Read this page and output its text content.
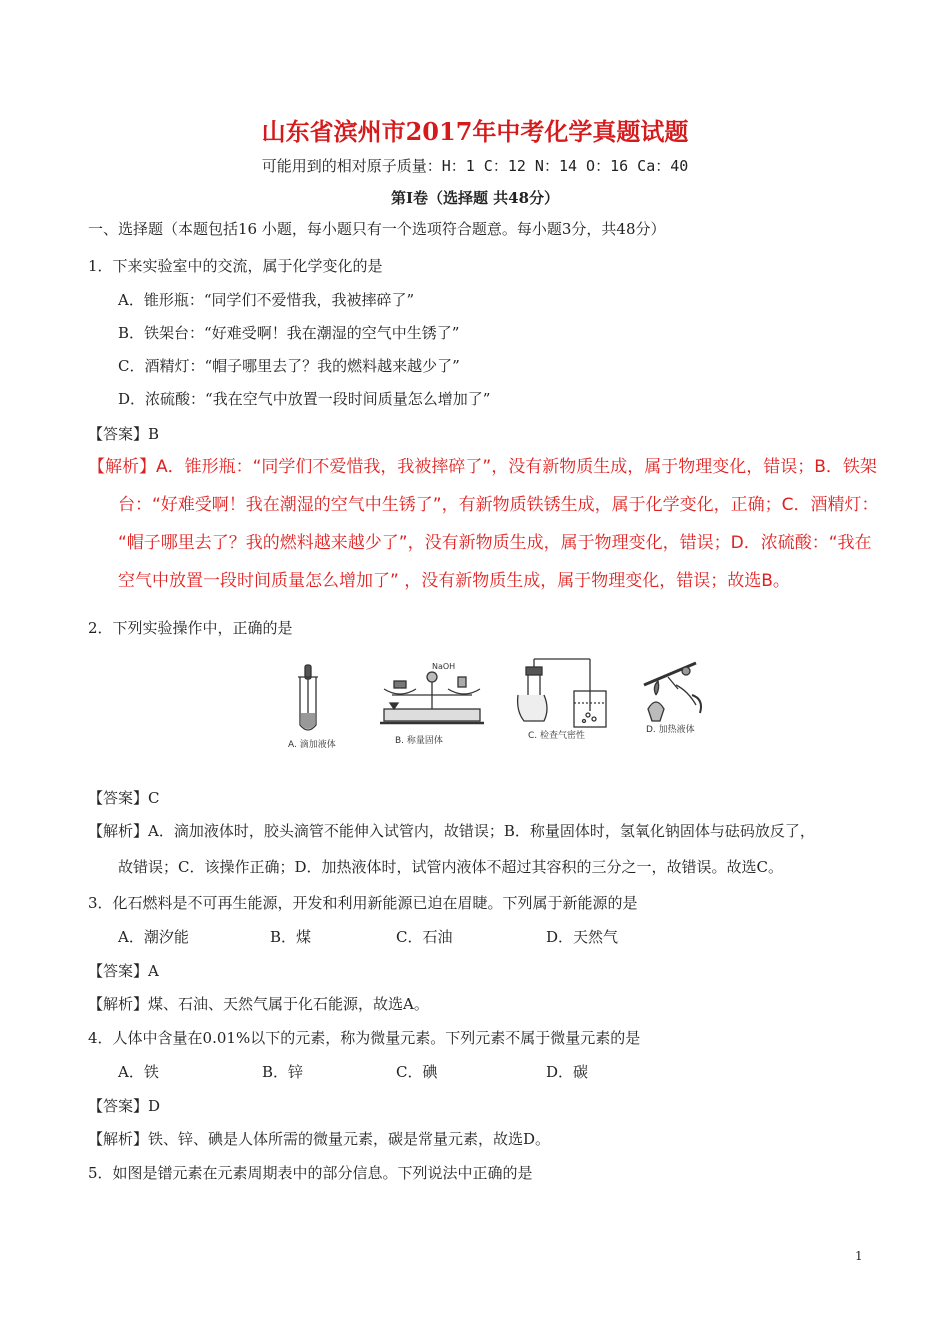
山东省滨州市2017年中考化学真题试题
可能用到的相对原子质量：H：1 C：12 N：14 O：16 Ca：40
第Ⅰ卷（选择题 共48分）
一、选择题（本题包括16 小题，每小题只有一个选项符合题意。每小题3分，共48分）
1．下来实验室中的交流，属于化学变化的是
A．锥形瓶：“同学们不爱惜我，我被摔碎了”
B．铁架台：“好难受啊！我在潮湿的空气中生锈了”
C．酒精灯：“帽子哪里去了？我的燃料越来越少了”
D．浓硫酸：“我在空气中放置一段时间质量怎么增加了”
【答案】B
【解析】A．锥形瓶：“同学们不爱惜我，我被摔碎了”，没有新物质生成，属于物理变化，错误；B．铁架
台：“好难受啊！我在潮湿的空气中生锈了”，有新物质铁锈生成，属于化学变化，正确；C．酒精灯：
“帽子哪里去了？我的燃料越来越少了”，没有新物质生成，属于物理变化，错误；D．浓硫酸：“我在
空气中放置一段时间质量怎么增加了” ，没有新物质生成，属于物理变化，错误；故选B。
2．下列实验操作中，正确的是
NaOH
A. 滴加液体	B. 称量固体	C. 检查气密性
D. 加热液体
【答案】C
【解析】A．滴加液体时，胶头滴管不能伸入试管内，故错误；B．称量固体时，氢氧化钠固体与砝码放反了，
故错误；C．该操作正确；D．加热液体时，试管内液体不超过其容积的三分之一，故错误。故选C。
3．化石燃料是不可再生能源，开发和利用新能源已迫在眉睫。下列属于新能源的是
A．潮汐能	B．煤	C．石油	D．天然气
【答案】A
【解析】煤、石油、天然气属于化石能源，故选A。
4．人体中含量在0.01%以下的元素，称为微量元素。下列元素不属于微量元素的是
A．铁	B．锌	C．碘	D．碳
【答案】D
【解析】铁、锌、碘是人体所需的微量元素，碳是常量元素，故选D。
5．如图是镨元素在元素周期表中的部分信息。下列说法中正确的是
1
